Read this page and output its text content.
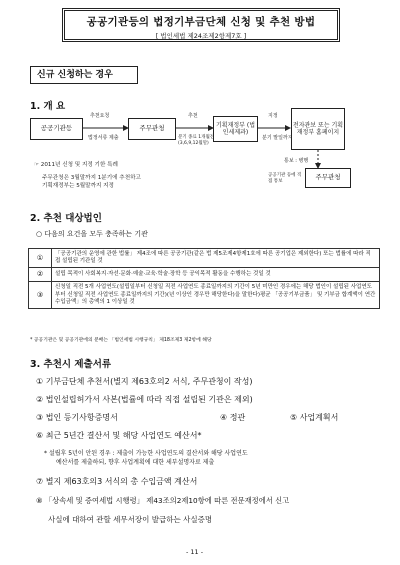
공공기관등의 법정기부금단체 신청 및 추천 방법
[ 법인세법 제24조제2항제7호 ]
신규 신청하는 경우
1. 개 요
공공기관등
추천요청
법정서류 제출
주무관청
추천
분기 종료 1개월전 (3,6,9,12월말)
기획재정부 (법인세제과)
지정
분기 말일까지
전자관보 또는 기획재정부 홈페이지
통보 : 병행
공공기관 등에 직접 통보
주무관청
☞ 2011년 신청 및 지정 기한 특례
주무관청은 3월말까지 1분기에 추천하고
기획재정부는 5월말까지 지정
2. 추천 대상법인
○ 다음의 요건을 모두 충족하는 기관
①	「공공기관의 운영에 관한 법률」 제4조에 따른 공공기관(같은 법 제5조제4항제1호에 따른 공기업은 제외한다) 또는 법률에 따라 직접 설립된 기관일 것
②	설립 목적이 사회복지·자선·문화·예술·교육·학술·장학 등 공익목적 활동을 수행하는 것일 것
③	신청일 직전 5개 사업연도(설립일부터 신청일 직전 사업연도 종료일까지의 기간이 5년 미만인 경우에는 해당 법인이 설립된 사업연도부터 신청일 직전 사업연도 종료일까지의 기간)(년 이상인 경우만 해당한다)을 말한다)평균 「공공기부금품」 및 기부금 합계액이 연간 수입금액」의 총액의 1 이상일 것
* 공공기관은 및 공공기관에의 분배는 「법인세법 시행규칙」 제18조제3 제2항에 해당
3. 추천시 제출서류
① 기부금단체 추천서(별지 제63호의2 서식, 주무관청이 작성)
② 법인설립허가서 사본(법률에 따라 직접 설립된 기관은 제외)
③ 법인 등기사항증명서	④ 정관	⑤ 사업계획서
⑥ 최근 5년간 결산서 및 해당 사업연도 예산서*
* 설립후 5년이 안된 경우 : 제출이 가능한 사업연도의 결산서와 해당 사업연도
예산서를 제출하되, 향후 사업계획에 대한 세부설명자료 제출
⑦ 별지 제63호의3 서식의 총 수입금액 계산서
⑧ 「상속세 및 증여세법 시행령」 제43조의2제10항에 따른 전문재정에서 신고
사실에 대하여 관할 세무서장이 발급하는 사실증명
- 11 -
